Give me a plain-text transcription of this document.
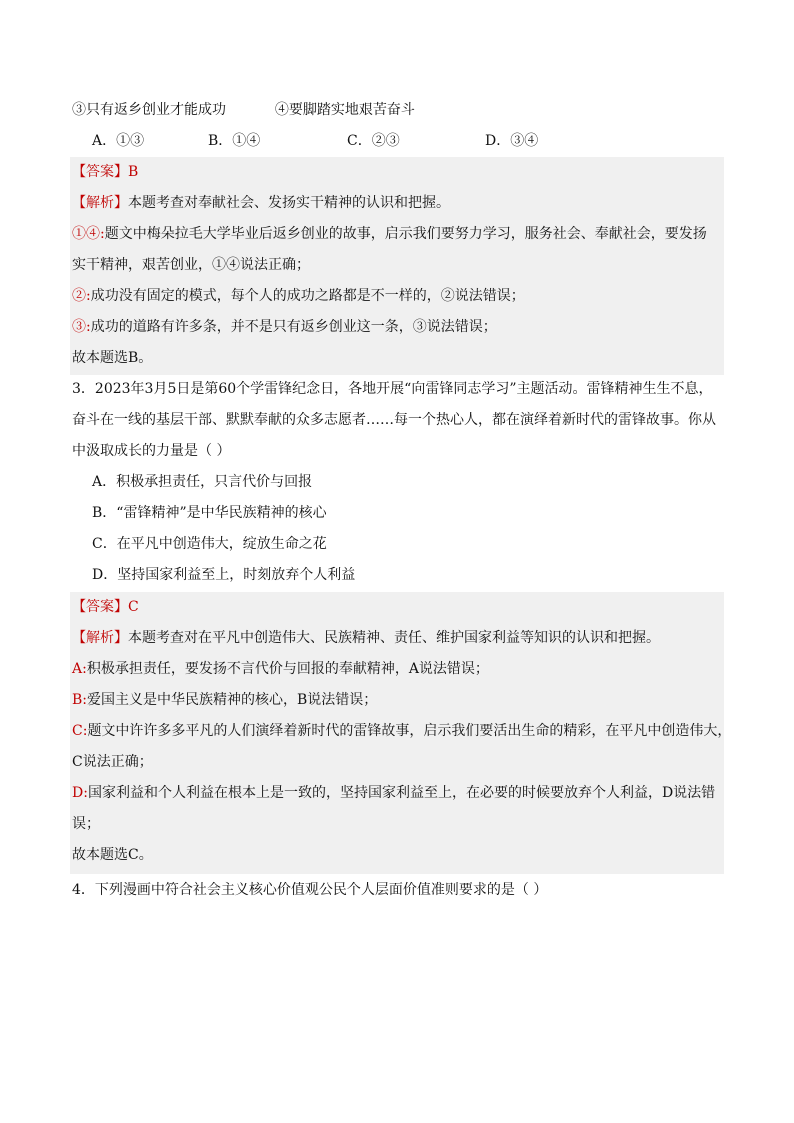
③只有返乡创业才能成功	④要脚踏实地艰苦奋斗
A．①③	B．①④	C．②③	D．③④
【答案】B
【解析】本题考查对奉献社会、发扬实干精神的认识和把握。
①④:题文中梅朵拉毛大学毕业后返乡创业的故事，启示我们要努力学习，服务社会、奉献社会，要发扬
实干精神，艰苦创业，①④说法正确；
②:成功没有固定的模式，每个人的成功之路都是不一样的，②说法错误；
③:成功的道路有许多条，并不是只有返乡创业这一条，③说法错误；
故本题选B。
3．2023年3月5日是第60个学雷锋纪念日，各地开展“向雷锋同志学习”主题活动。雷锋精神生生不息，
奋斗在一线的基层干部、默默奉献的众多志愿者……每一个热心人，都在演绎着新时代的雷锋故事。你从
中汲取成长的力量是（ ）
A．积极承担责任，只言代价与回报
B．“雷锋精神”是中华民族精神的核心
C．在平凡中创造伟大，绽放生命之花
D．坚持国家利益至上，时刻放弃个人利益
【答案】C
【解析】本题考查对在平凡中创造伟大、民族精神、责任、维护国家利益等知识的认识和把握。
A:积极承担责任，要发扬不言代价与回报的奉献精神，A说法错误；
B:爱国主义是中华民族精神的核心，B说法错误；
C:题文中许许多多平凡的人们演绎着新时代的雷锋故事，启示我们要活出生命的精彩，在平凡中创造伟大，
C说法正确；
D:国家利益和个人利益在根本上是一致的，坚持国家利益至上，在必要的时候要放弃个人利益，D说法错
误；
故本题选C。
4．下列漫画中符合社会主义核心价值观公民个人层面价值准则要求的是（ ）
